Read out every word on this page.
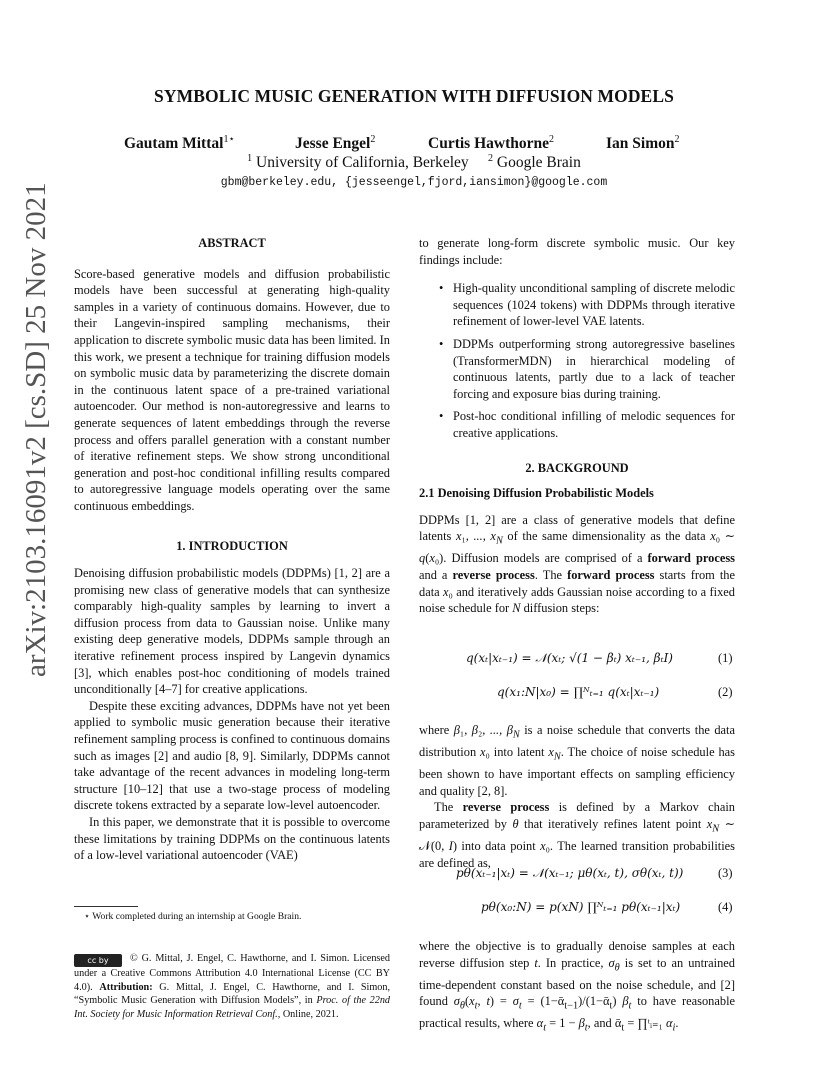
SYMBOLIC MUSIC GENERATION WITH DIFFUSION MODELS
Gautam Mittal$^{1⋆}$	Jesse Engel$^2$	Curtis Hawthorne$^2$	Ian Simon$^2$
$^1$ University of California, Berkeley $^2$ Google Brain
gbm@berkeley.edu, {jesseengel,fjord,iansimon}@google.com
arXiv:2103.16091v2 [cs.SD] 25 Nov 2021	ABSTRACT

Score-based generative models and diffusion probabilistic models have been successful at generating high-quality samples in a variety of continuous domains. However, due to their Langevin-inspired sampling mechanisms, their application to discrete symbolic music data has been limited. In this work, we present a technique for training diffusion models on symbolic music data by parameterizing the discrete domain in the continuous latent space of a pre-trained variational autoencoder. Our method is non-autoregressive and learns to generate sequences of latent embeddings through the reverse process and offers parallel generation with a constant number of iterative refinement steps. We show strong unconditional generation and post-hoc conditional infilling results compared to autoregressive language models operating over the same continuous embeddings.

1. INTRODUCTION

Denoising diffusion probabilistic models (DDPMs) [1, 2] are a promising new class of generative models that can synthesize comparably high-quality samples by learning to invert a diffusion process from data to Gaussian noise. Unlike many existing deep generative models, DDPMs sample through an iterative refinement process inspired by Langevin dynamics [3], which enables post-hoc conditioning of models trained unconditionally [4–7] for creative applications.

Despite these exciting advances, DDPMs have not yet been applied to symbolic music generation because their iterative refinement sampling process is confined to continuous domains such as images [2] and audio [8, 9]. Similarly, DDPMs cannot take advantage of the recent advances in modeling long-term structure [10–12] that use a two-stage process of modeling discrete tokens extracted by a separate low-level autoencoder.

In this paper, we demonstrate that it is possible to overcome these limitations by training DDPMs on the continuous latents of a low-level variational autoencoder (VAE)

⋆ Work completed during an internship at Google Brain.
cc by © G. Mittal, J. Engel, C. Hawthorne, and I. Simon. Licensed under a Creative Commons Attribution 4.0 International License (CC BY 4.0). Attribution: G. Mittal, J. Engel, C. Hawthorne, and I. Simon, “Symbolic Music Generation with Diffusion Models”, in Proc. of the 22nd Int. Society for Music Information Retrieval Conf., Online, 2021.

to generate long-form discrete symbolic music. Our key findings include:

• High-quality unconditional sampling of discrete melodic sequences (1024 tokens) with DDPMs through iterative refinement of lower-level VAE latents.
• DDPMs outperforming strong autoregressive baselines (TransformerMDN) in hierarchical modeling of continuous latents, partly due to a lack of teacher forcing and exposure bias during training.
• Post-hoc conditional infilling of melodic sequences for creative applications.
2. BACKGROUND
2.1 Denoising Diffusion Probabilistic Models

DDPMs [1, 2] are a class of generative models that define latents x₁, ..., $x_N$ of the same dimensionality as the data x₀ ∼ q(x₀). Diffusion models are comprised of a forward process and a reverse process. The forward process starts from the data x₀ and iteratively adds Gaussian noise according to a fixed noise schedule for N diffusion steps:

q(xₜ|xₜ₋₁) = 𝒩(xₜ; √(1 − βₜ) xₜ₋₁, βₜI)	(1)
q(x₁:N|x₀) = ∏ᴺₜ₌₁ q(xₜ|xₜ₋₁)	(2)

where β₁, β₂, ..., $\beta_N$ is a noise schedule that converts the data distribution x₀ into latent $x_N$. The choice of noise schedule has been shown to have important effects on sampling efficiency and quality [2, 8].

The reverse process is defined by a Markov chain parameterized by θ that iteratively refines latent point $x_N$ ∼ 𝒩(0, I) into data point x₀. The learned transition probabilities are defined as,

pθ(xₜ₋₁|xₜ) = 𝒩(xₜ₋₁; μθ(xₜ, t), σθ(xₜ, t))	(3)
pθ(x₀:N) = p(xN) ∏ᴺₜ₌₁ pθ(xₜ₋₁|xₜ)	(4)

where the objective is to gradually denoise samples at each reverse diffusion step t. In practice, $\sigma_\theta$ is set to an untrained time-dependent constant based on the noise schedule, and [2] found $\sigma_\theta(x_t$, $t) = \sigma_t$ = (1−ᾱ$_{t-1}$)/(1−ᾱ$_t$) $\beta_t$ to have reasonable practical results, where $\alpha_t = 1 - \beta_t$, and ᾱ$_t$ = ∏ᵗᵢ₌₁ $\alpha_i$.
